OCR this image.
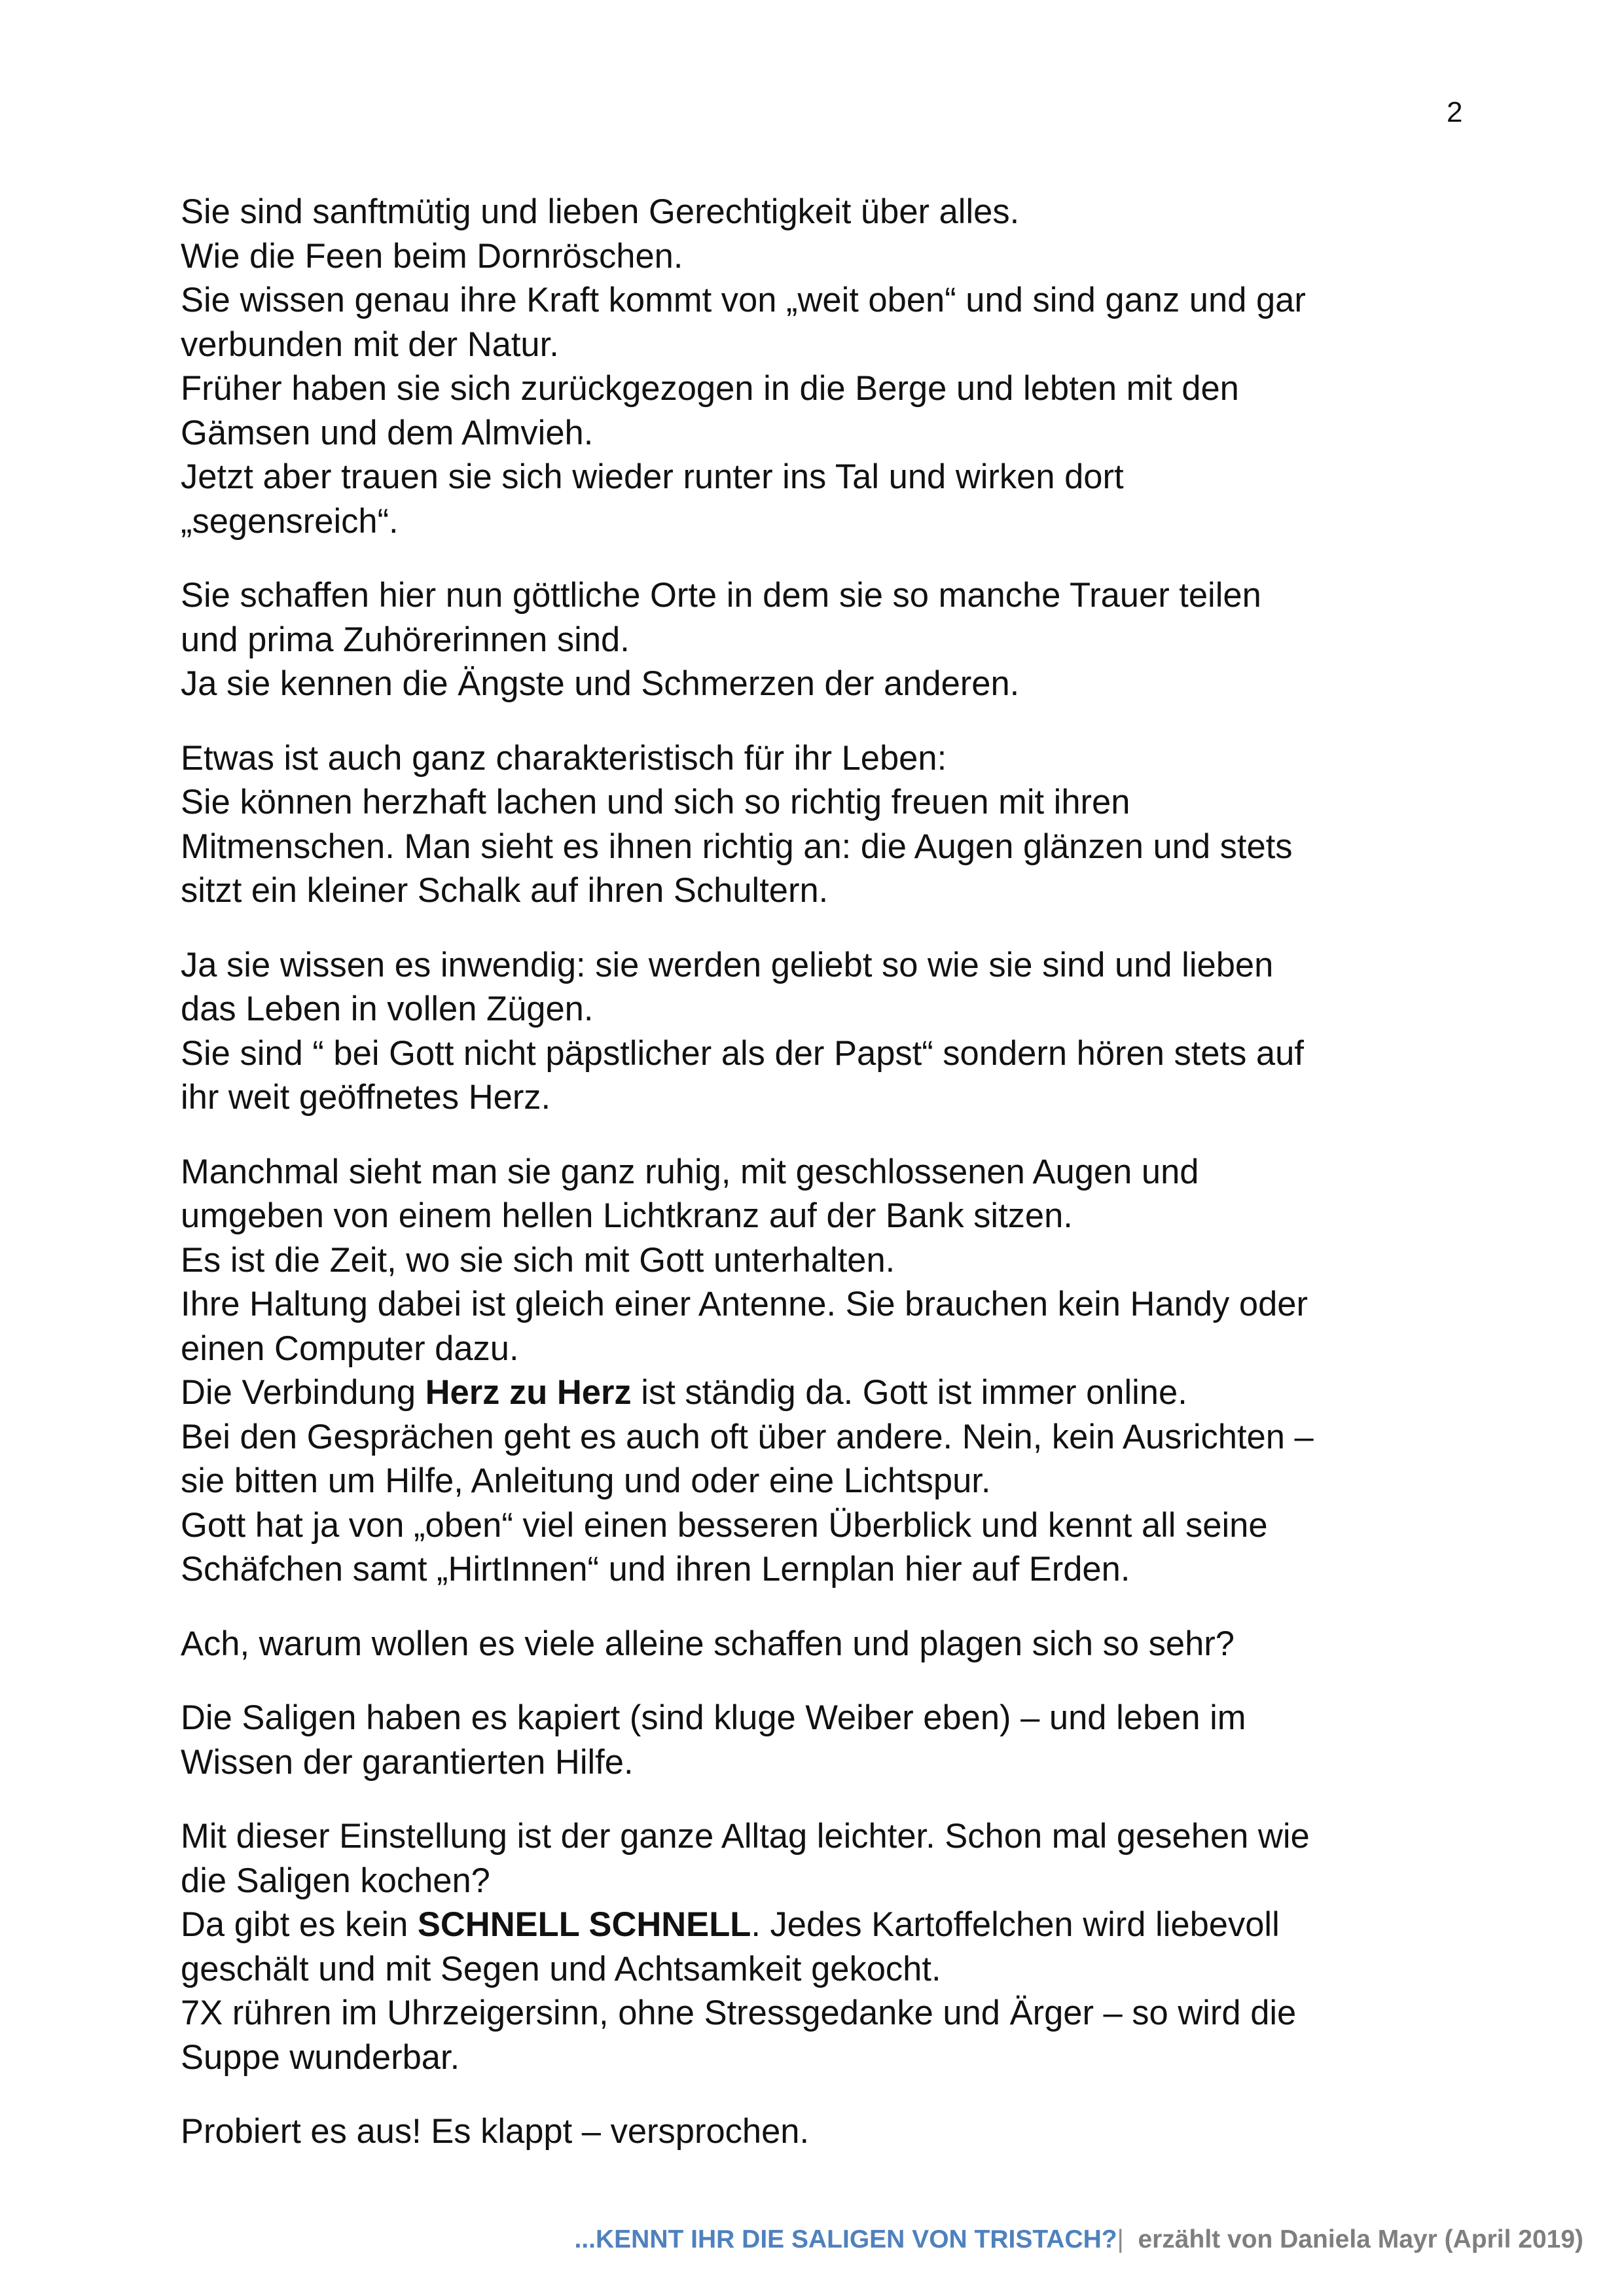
2
Sie sind sanftmütig und lieben Gerechtigkeit über alles.
Wie die Feen beim Dornröschen.
Sie wissen genau ihre Kraft kommt von „weit oben“ und sind ganz und gar
verbunden mit der Natur.
Früher haben sie sich zurückgezogen in die Berge und lebten mit den
Gämsen und dem Almvieh.
Jetzt aber trauen sie sich wieder runter ins Tal und wirken dort
„segensreich“.
Sie schaffen hier nun göttliche Orte in dem sie so manche Trauer teilen
und prima Zuhörerinnen sind.
Ja sie kennen die Ängste und Schmerzen der anderen.
Etwas ist auch ganz charakteristisch für ihr Leben:
Sie können herzhaft lachen und sich so richtig freuen mit ihren
Mitmenschen. Man sieht es ihnen richtig an: die Augen glänzen und stets
sitzt ein kleiner Schalk auf ihren Schultern.
Ja sie wissen es inwendig: sie werden geliebt so wie sie sind und lieben
das Leben in vollen Zügen.
Sie sind “ bei Gott nicht päpstlicher als der Papst“ sondern hören stets auf
ihr weit geöffnetes Herz.
Manchmal sieht man sie ganz ruhig, mit geschlossenen Augen und
umgeben von einem hellen Lichtkranz auf der Bank sitzen.
Es ist die Zeit, wo sie sich mit Gott unterhalten.
Ihre Haltung dabei ist gleich einer Antenne. Sie brauchen kein Handy oder
einen Computer dazu.
Die Verbindung Herz zu Herz ist ständig da. Gott ist immer online.
Bei den Gesprächen geht es auch oft über andere. Nein, kein Ausrichten –
sie bitten um Hilfe, Anleitung und oder eine Lichtspur.
Gott hat ja von „oben“ viel einen besseren Überblick und kennt all seine
Schäfchen samt „HirtInnen“ und ihren Lernplan hier auf Erden.
Ach, warum wollen es viele alleine schaffen und plagen sich so sehr?
Die Saligen haben es kapiert (sind kluge Weiber eben) – und leben im
Wissen der garantierten Hilfe.
Mit dieser Einstellung ist der ganze Alltag leichter. Schon mal gesehen wie
die Saligen kochen?
Da gibt es kein SCHNELL SCHNELL. Jedes Kartoffelchen wird liebevoll
geschält und mit Segen und Achtsamkeit gekocht.
7X rühren im Uhrzeigersinn, ohne Stressgedanke und Ärger – so wird die
Suppe wunderbar.
Probiert es aus! Es klappt – versprochen.
...KENNT IHR DIE SALIGEN VON TRISTACH?| erzählt von Daniela Mayr (April 2019)
